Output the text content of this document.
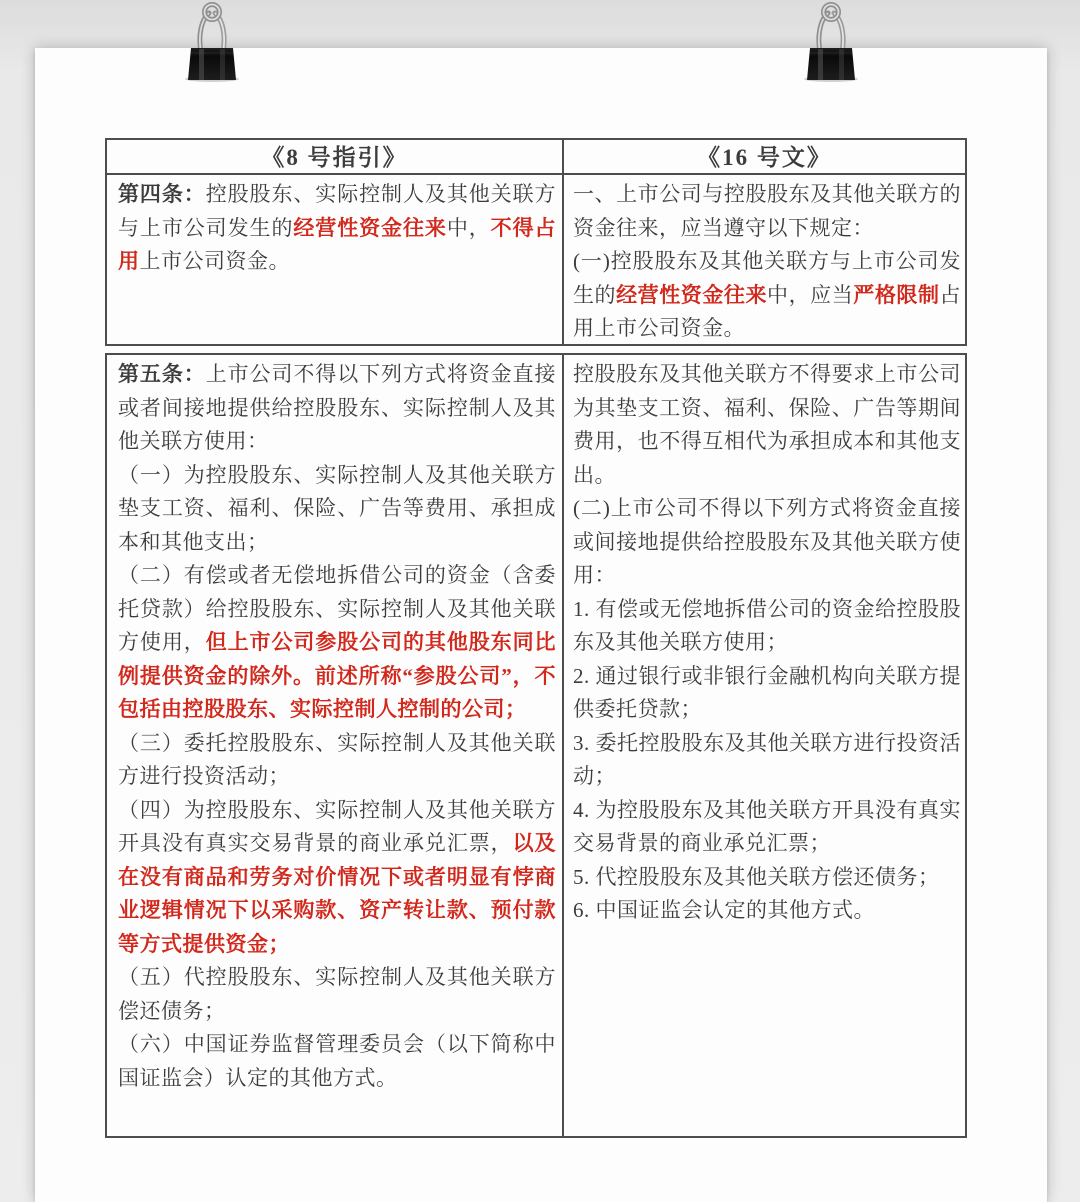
《8 号指引》	《16 号文》
第四条：控股股东、实际控制人及其他关联方与上市公司发生的经营性资金往来中，不得占用上市公司资金。
一、上市公司与控股股东及其他关联方的资金往来，应当遵守以下规定：
(一)控股股东及其他关联方与上市公司发生的经营性资金往来中，应当严格限制占用上市公司资金。
第五条：上市公司不得以下列方式将资金直接或者间接地提供给控股股东、实际控制人及其他关联方使用：
（一）为控股股东、实际控制人及其他关联方垫支工资、福利、保险、广告等费用、承担成本和其他支出；
（二）有偿或者无偿地拆借公司的资金（含委托贷款）给控股股东、实际控制人及其他关联方使用，但上市公司参股公司的其他股东同比例提供资金的除外。前述所称“参股公司”，不包括由控股股东、实际控制人控制的公司；
（三）委托控股股东、实际控制人及其他关联方进行投资活动；
（四）为控股股东、实际控制人及其他关联方开具没有真实交易背景的商业承兑汇票，以及在没有商品和劳务对价情况下或者明显有悖商业逻辑情况下以采购款、资产转让款、预付款等方式提供资金；
（五）代控股股东、实际控制人及其他关联方偿还债务；
（六）中国证券监督管理委员会（以下简称中国证监会）认定的其他方式。
控股股东及其他关联方不得要求上市公司为其垫支工资、福利、保险、广告等期间费用，也不得互相代为承担成本和其他支出。
(二)上市公司不得以下列方式将资金直接或间接地提供给控股股东及其他关联方使用：
1. 有偿或无偿地拆借公司的资金给控股股东及其他关联方使用；
2. 通过银行或非银行金融机构向关联方提供委托贷款；
3. 委托控股股东及其他关联方进行投资活动；
4. 为控股股东及其他关联方开具没有真实交易背景的商业承兑汇票；
5. 代控股股东及其他关联方偿还债务；
6. 中国证监会认定的其他方式。
